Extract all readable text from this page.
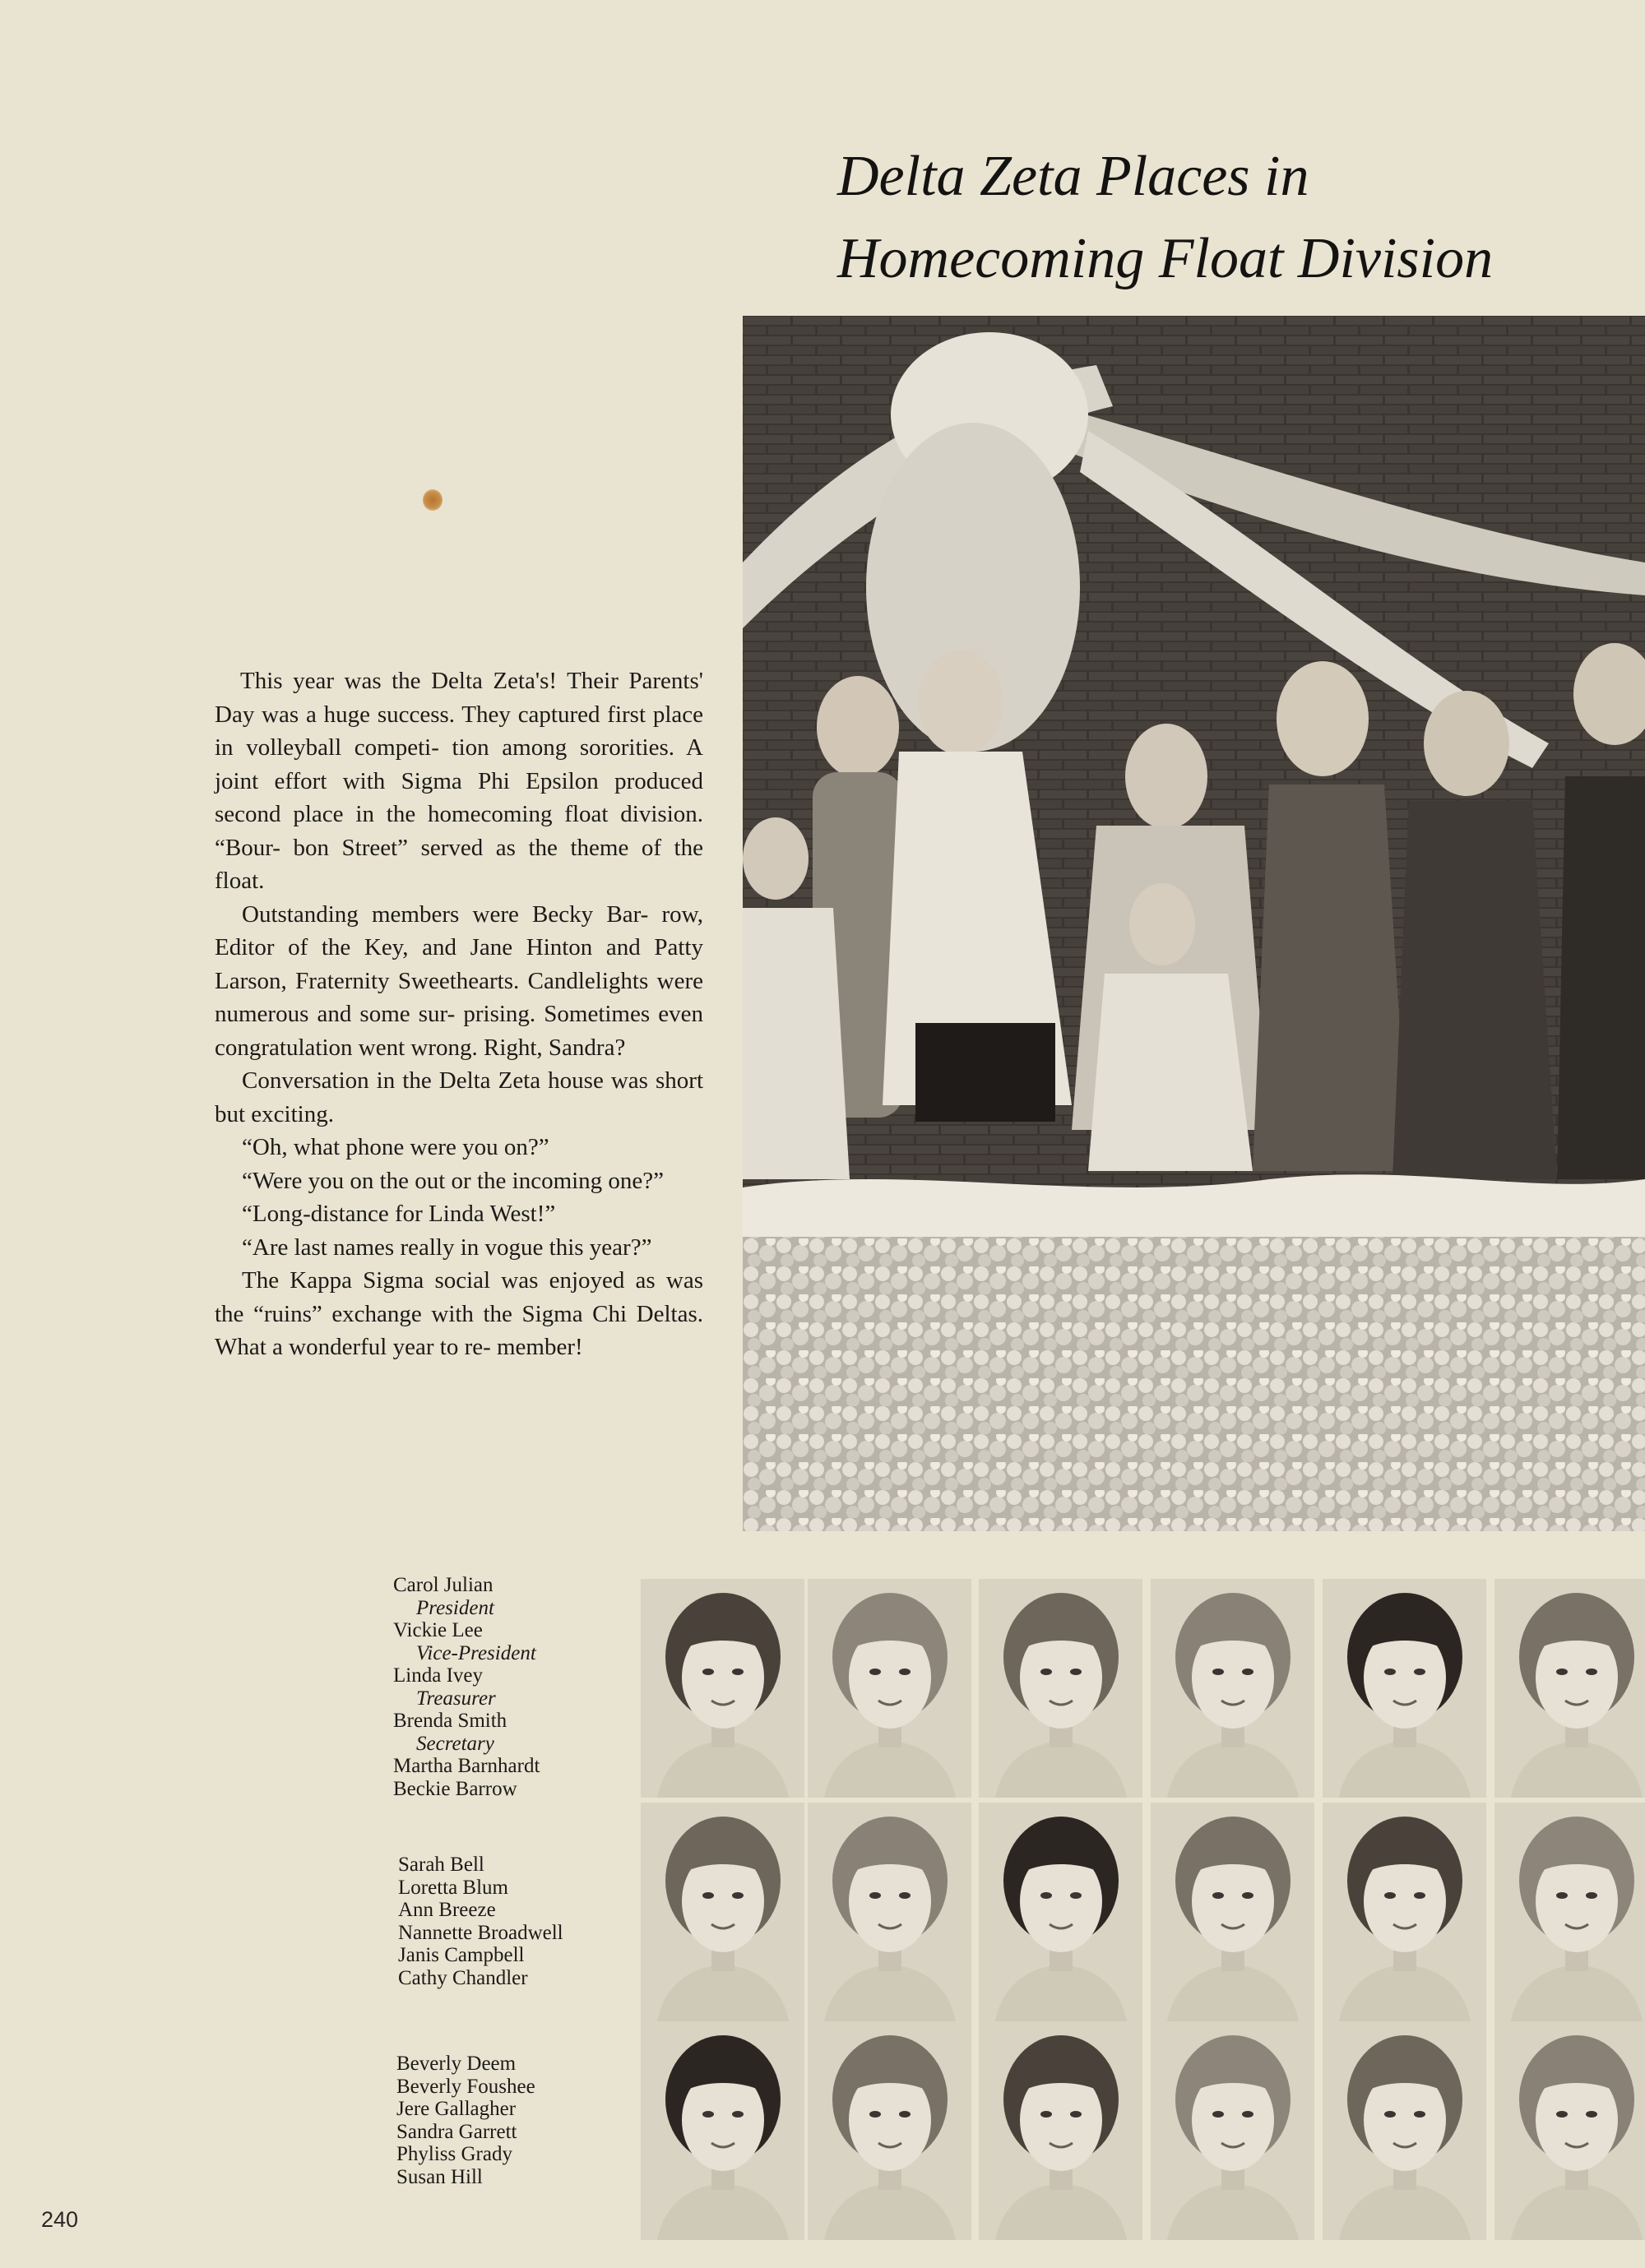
Delta Zeta Places in
Homecoming Float Division

This year was the Delta Zeta's! Their Parents' Day was a huge success. They captured first place in volleyball competi- tion among sororities. A joint effort with Sigma Phi Epsilon produced second place in the homecoming float division. “Bour- bon Street” served as the theme of the float.

Outstanding members were Becky Bar- row, Editor of the Key, and Jane Hinton and Patty Larson, Fraternity Sweethearts. Candlelights were numerous and some sur- prising. Sometimes even congratulation went wrong. Right, Sandra?

Conversation in the Delta Zeta house was short but exciting.

“Oh, what phone were you on?”

“Were you on the out or the incoming one?”

“Long-distance for Linda West!”

“Are last names really in vogue this year?”

The Kappa Sigma social was enjoyed as was the “ruins” exchange with the Sigma Chi Deltas. What a wonderful year to re- member!

Carol Julian
President
Vickie Lee
Vice-President
Linda Ivey
Treasurer
Brenda Smith
Secretary
Martha Barnhardt
Beckie Barrow
Sarah Bell
Loretta Blum
Ann Breeze
Nannette Broadwell
Janis Campbell
Cathy Chandler
Beverly Deem
Beverly Foushee
Jere Gallagher
Sandra Garrett
Phyliss Grady
Susan Hill
240
